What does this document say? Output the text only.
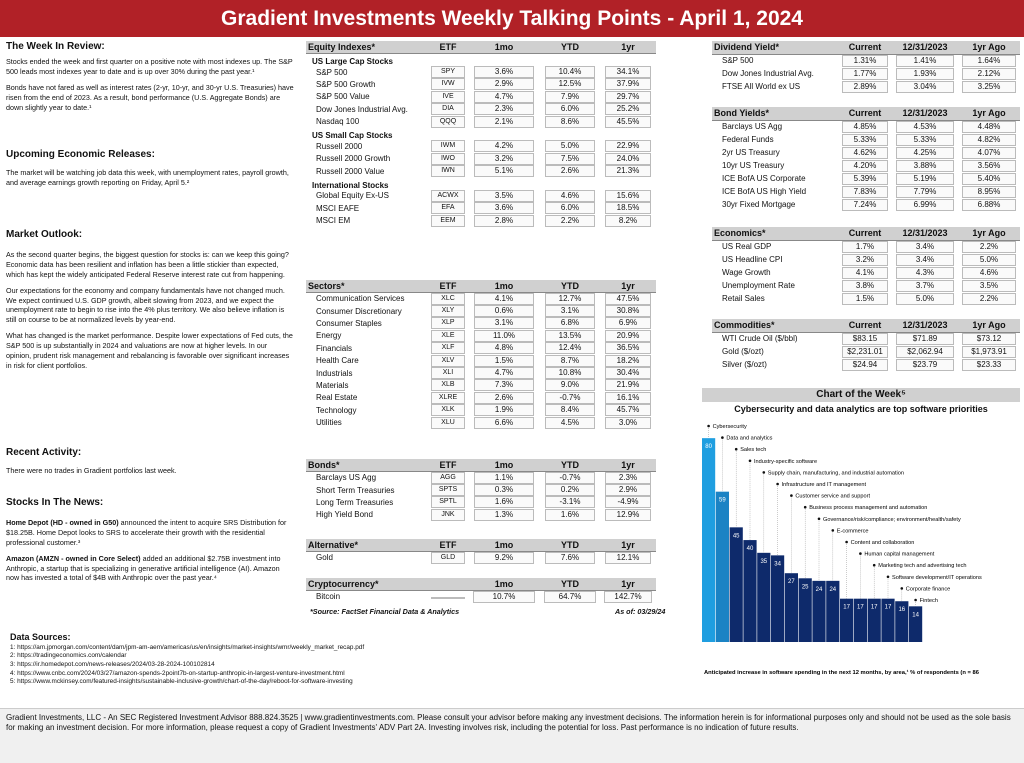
Gradient Investments Weekly Talking Points - April 1, 2024
The Week In Review:

Stocks ended the week and first quarter on a positive note with most indexes up. The S&P 500 leads most indexes year to date and is up over 30% during the past year.¹

Bonds have not fared as well as interest rates (2-yr, 10-yr, and 30-yr U.S. Treasuries) have risen from the end of 2023. As a result, bond performance (U.S. Aggregate Bonds) are down slightly year to date.¹

Upcoming Economic Releases:

The market will be watching job data this week, with unemployment rates, payroll growth, and average earnings growth reporting on Friday, April 5.²

Market Outlook:

As the second quarter begins, the biggest question for stocks is: can we keep this going? Economic data has been resilient and inflation has been a little stickier than expected, which has kept the widely anticipated Federal Reserve interest rate cut from happening.

Our expectations for the economy and company fundamentals have not changed much. We expect continued U.S. GDP growth, albeit slowing from 2023, and we expect the unemployment rate to begin to rise into the 4% plus territory. We also believe inflation is still on course to be at normalized levels by year-end.

What has changed is the market performance. Despite lower expectations of Fed cuts, the S&P 500 is up substantially in 2024 and valuations are now at higher levels. In our opinion, prudent risk management and rebalancing is favorable over significant increases in risk for client portfolios.

Recent Activity:

There were no trades in Gradient portfolios last week.

Stocks In The News:

Home Depot (HD - owned in G50) announced the intent to acquire SRS Distribution for $18.25B. Home Depot looks to SRS to accelerate their growth with the residential professional customer.³

Amazon (AMZN - owned in Core Select) added an additional $2.75B investment into Anthropic, a startup that is specializing in generative artificial intelligence (AI). Amazon now has invested a total of $4B with Anthropic over the past year.⁴

Data Sources:
1: https://am.jpmorgan.com/content/dam/jpm-am-aem/americas/us/en/insights/market-insights/wmr/weekly_market_recap.pdf
2: https://tradingeconomics.com/calendar
3: https://ir.homedepot.com/news-releases/2024/03-28-2024-100102814
4: https://www.cnbc.com/2024/03/27/amazon-spends-2point7b-on-startup-anthropic-in-largest-venture-investment.html
5: https://www.mckinsey.com/featured-insights/sustainable-inclusive-growth/chart-of-the-day/reboot-for-software-investing
Equity Indexes*	ETF	1mo	YTD	1yr
US Large Cap Stocks				
S&P 500	SPY	3.6%	10.4%	34.1%
S&P 500 Growth	IVW	2.9%	12.5%	37.9%
S&P 500 Value	IVE	4.7%	7.9%	29.7%
Dow Jones Industrial Avg.	DIA	2.3%	6.0%	25.2%
Nasdaq 100	QQQ	2.1%	8.6%	45.5%
US Small Cap Stocks				
Russell 2000	IWM	4.2%	5.0%	22.9%
Russell 2000 Growth	IWO	3.2%	7.5%	24.0%
Russell 2000 Value	IWN	5.1%	2.6%	21.3%
International Stocks				
Global Equity Ex-US	ACWX	3.5%	4.6%	15.6%
MSCI EAFE	EFA	3.6%	6.0%	18.5%
MSCI EM	EEM	2.8%	2.2%	8.2%
Sectors*	ETF	1mo	YTD	1yr
Communication Services	XLC	4.1%	12.7%	47.5%
Consumer Discretionary	XLY	0.6%	3.1%	30.8%
Consumer Staples	XLP	3.1%	6.8%	6.9%
Energy	XLE	11.0%	13.5%	20.9%
Financials	XLF	4.8%	12.4%	36.5%
Health Care	XLV	1.5%	8.7%	18.2%
Industrials	XLI	4.7%	10.8%	30.4%
Materials	XLB	7.3%	9.0%	21.9%
Real Estate	XLRE	2.6%	-0.7%	16.1%
Technology	XLK	1.9%	8.4%	45.7%
Utilities	XLU	6.6%	4.5%	3.0%
Bonds*	ETF	1mo	YTD	1yr
Barclays US Agg	AGG	1.1%	-0.7%	2.3%
Short Term Treasuries	SPTS	0.3%	0.2%	2.9%
Long Term Treasuries	SPTL	1.6%	-3.1%	-4.9%
High Yield Bond	JNK	1.3%	1.6%	12.9%
Alternative*	ETF	1mo	YTD	1yr
Gold	GLD	9.2%	7.6%	12.1%
Cryptocurrency*		1mo	YTD	1yr
Bitcoin		10.7%	64.7%	142.7%
*Source: FactSet Financial Data & Analytics	As of: 03/29/24
Dividend Yield*	Current	12/31/2023	1yr Ago
S&P 500	1.31%	1.41%	1.64%
Dow Jones Industrial Avg.	1.77%	1.93%	2.12%
FTSE All World ex US	2.89%	3.04%	3.25%
Bond Yields*	Current	12/31/2023	1yr Ago
Barclays US Agg	4.85%	4.53%	4.48%
Federal Funds	5.33%	5.33%	4.82%
2yr US Treasury	4.62%	4.25%	4.07%
10yr US Treasury	4.20%	3.88%	3.56%
ICE BofA US Corporate	5.39%	5.19%	5.40%
ICE BofA US High Yield	7.83%	7.79%	8.95%
30yr Fixed Mortgage	7.24%	6.99%	6.88%
Economics*	Current	12/31/2023	1yr Ago
US Real GDP	1.7%	3.4%	2.2%
US Headline CPI	3.2%	3.4%	5.0%
Wage Growth	4.1%	4.3%	4.6%
Unemployment Rate	3.8%	3.7%	3.5%
Retail Sales	1.5%	5.0%	2.2%
Commodities*	Current	12/31/2023	1yr Ago
WTI Crude Oil ($/bbl)	$83.15	$71.89	$73.12
Gold ($/ozt)	$2,231.01	$2,062.94	$1,973.91
Silver ($/ozt)	$24.94	$23.79	$23.33
Chart of the Week⁵
Cybersecurity and data analytics are top software priorities
80
Cybersecurity
59
Data and analytics
45
Sales tech
40
Industry-specific software
35
Supply chain, manufacturing, and industrial automation
34
Infrastructure and IT management
27
Customer service and support
25
Business process management and automation
24
Governance/risk/compliance; environment/health/safety
24
E-commerce
17
Content and collaboration
17
Human capital management
17
Marketing tech and advertising tech
17
Software development/IT operations
16
Corporate finance
14
Fintech
Anticipated increase in software spending in the next 12 months, by area,¹ % of respondents (n = 86
Gradient Investments, LLC - An SEC Registered Investment Advisor 888.824.3525 | www.gradientinvestments.com. Please consult your advisor before making any investment decisions. The information herein is for informational purposes only and should not be used as the sole basis for making an investment decision. For more information, please request a copy of Gradient Investments' ADV Part 2A. Investing involves risk, including the potential for loss. Past performance is no indication of future results.
